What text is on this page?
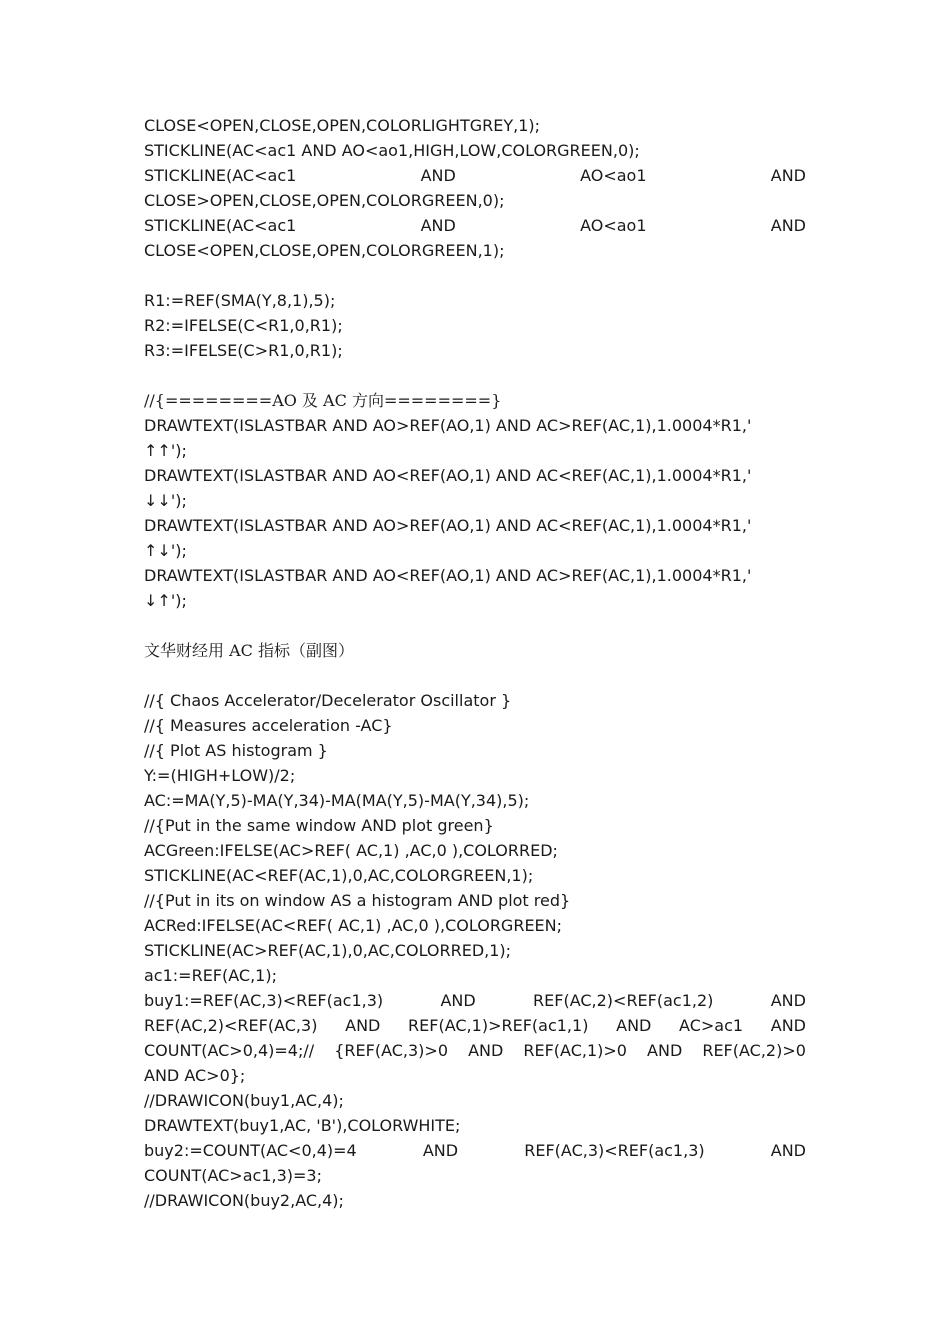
CLOSE<OPEN,CLOSE,OPEN,COLORLIGHTGREY,1);
STICKLINE(AC<ac1 AND AO<ao1,HIGH,LOW,COLORGREEN,0);
STICKLINE(AC<ac1	AND	AO<ao1	AND
CLOSE>OPEN,CLOSE,OPEN,COLORGREEN,0);
STICKLINE(AC<ac1	AND	AO<ao1	AND
CLOSE<OPEN,CLOSE,OPEN,COLORGREEN,1);
R1:=REF(SMA(Y,8,1),5);
R2:=IFELSE(C<R1,0,R1);
R3:=IFELSE(C>R1,0,R1);
//{========AO 及 AC 方向========}
DRAWTEXT(ISLASTBAR AND AO>REF(AO,1) AND AC>REF(AC,1),1.0004*R1,'
↑↑');
DRAWTEXT(ISLASTBAR AND AO<REF(AO,1) AND AC<REF(AC,1),1.0004*R1,'
↓↓');
DRAWTEXT(ISLASTBAR AND AO>REF(AO,1) AND AC<REF(AC,1),1.0004*R1,'
↑↓');
DRAWTEXT(ISLASTBAR AND AO<REF(AO,1) AND AC>REF(AC,1),1.0004*R1,'
↓↑');
文华财经用 AC 指标（副图）
//{ Chaos Accelerator/Decelerator Oscillator }
//{ Measures acceleration -AC}
//{ Plot AS histogram }
Y:=(HIGH+LOW)/2;
AC:=MA(Y,5)-MA(Y,34)-MA(MA(Y,5)-MA(Y,34),5);
//{Put in the same window AND plot green}
ACGreen:IFELSE(AC>REF( AC,1) ,AC,0 ),COLORRED;
STICKLINE(AC<REF(AC,1),0,AC,COLORGREEN,1);
//{Put in its on window AS a histogram AND plot red}
ACRed:IFELSE(AC<REF( AC,1) ,AC,0 ),COLORGREEN;
STICKLINE(AC>REF(AC,1),0,AC,COLORRED,1);
ac1:=REF(AC,1);
buy1:=REF(AC,3)<REF(ac1,3)	AND	REF(AC,2)<REF(ac1,2)	AND
REF(AC,2)<REF(AC,3) AND REF(AC,1)>REF(ac1,1) AND AC>ac1 AND
COUNT(AC>0,4)=4;// {REF(AC,3)>0 AND REF(AC,1)>0 AND REF(AC,2)>0
AND AC>0};
//DRAWICON(buy1,AC,4);
DRAWTEXT(buy1,AC, 'B'),COLORWHITE;
buy2:=COUNT(AC<0,4)=4	AND	REF(AC,3)<REF(ac1,3)	AND
COUNT(AC>ac1,3)=3;
//DRAWICON(buy2,AC,4);
